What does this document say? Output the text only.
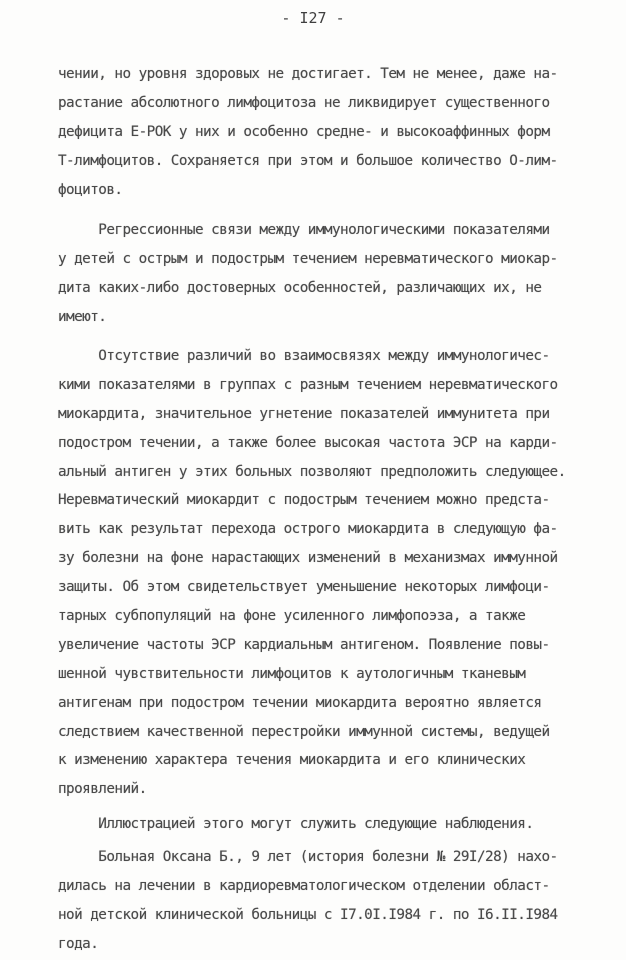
- I27 -
чении, но уровня здоровых не достигает. Тем не менее, даже на-
растание абсолютного лимфоцитоза не ликвидирует существенного
дефицита Е-РОК у них и особенно средне- и высокоаффинных форм
Т-лимфоцитов. Сохраняется при этом и большое количество О-лим-
фоцитов.
Регрессионные связи между иммунологическими показателями
у детей с острым и подострым течением неревматического миокар-
дита каких-либо достоверных особенностей, различающих их, не
имеют.
Отсутствие различий во взаимосвязях между иммунологичес-
кими показателями в группах с разным течением неревматического
миокардита, значительное угнетение показателей иммунитета при
подостром течении, а также более высокая частота ЭСР на карди-
альный антиген у этих больных позволяют предположить следующее.
Неревматический миокардит с подострым течением можно предста-
вить как результат перехода острого миокардита в следующую фа-
зу болезни на фоне нарастающих изменений в механизмах иммунной
защиты. Об этом свидетельствует уменьшение некоторых лимфоци-
тарных субпопуляций на фоне усиленного лимфопоэза, а также
увеличение частоты ЭСР кардиальным антигеном. Появление повы-
шенной чувствительности лимфоцитов к аутологичным тканевым
антигенам при подостром течении миокардита вероятно является
следствием качественной перестройки иммунной системы, ведущей
к изменению характера течения миокардита и его клинических
проявлений.
Иллюстрацией этого могут служить следующие наблюдения.
Больная Оксана Б., 9 лет (история болезни № 29I/28) нахо-
дилась на лечении в кардиоревматологическом отделении област-
ной детской клинической больницы с I7.0I.I984 г. по I6.II.I984
года.
